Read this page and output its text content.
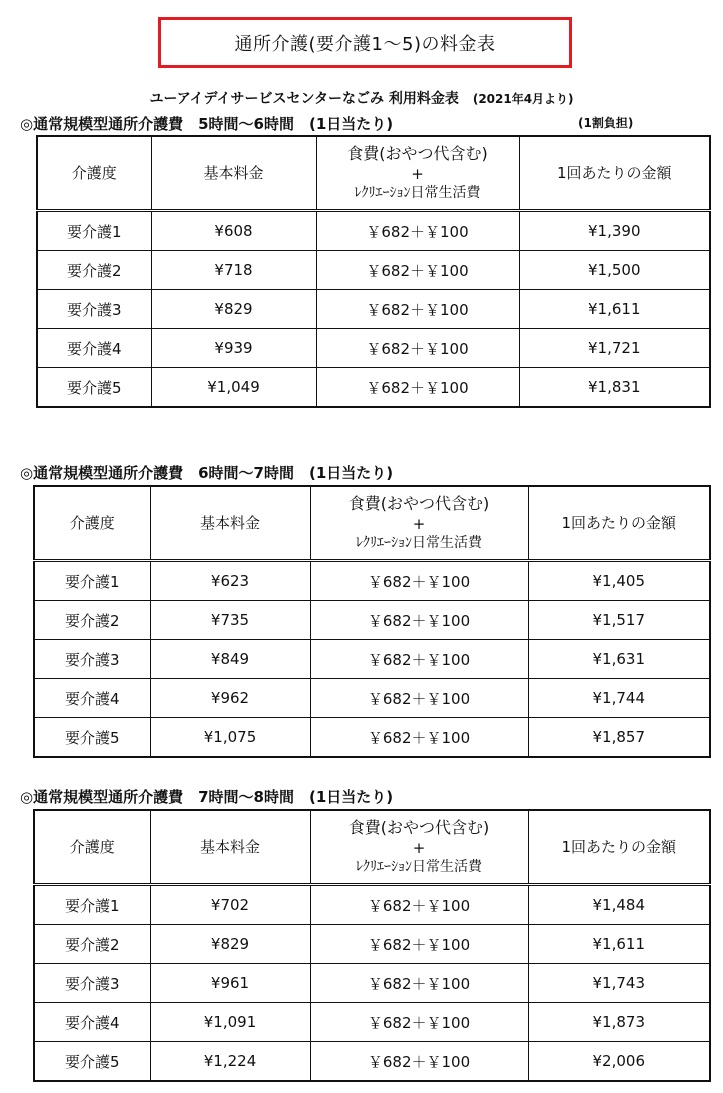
通所介護(要介護1～5)の料金表
ユーアイデイサービスセンターなごみ 利用料金表 (2021年4月より)
(1割負担)
◎通常規模型通所介護費　5時間～6時間　(1日当たり)
介護度	基本料金	食費(おやつ代含む)
+
ﾚｸﾘｴｰｼｮﾝ日常生活費	1回あたりの金額
要介護1	¥608	￥682＋￥100	¥1,390
要介護2	¥718	￥682＋￥100	¥1,500
要介護3	¥829	￥682＋￥100	¥1,611
要介護4	¥939	￥682＋￥100	¥1,721
要介護5	¥1,049	￥682＋￥100	¥1,831
◎通常規模型通所介護費　6時間～7時間　(1日当たり)
介護度	基本料金	食費(おやつ代含む)
+
ﾚｸﾘｴｰｼｮﾝ日常生活費	1回あたりの金額
要介護1	¥623	￥682＋￥100	¥1,405
要介護2	¥735	￥682＋￥100	¥1,517
要介護3	¥849	￥682＋￥100	¥1,631
要介護4	¥962	￥682＋￥100	¥1,744
要介護5	¥1,075	￥682＋￥100	¥1,857
◎通常規模型通所介護費　7時間～8時間　(1日当たり)
介護度	基本料金	食費(おやつ代含む)
+
ﾚｸﾘｴｰｼｮﾝ日常生活費	1回あたりの金額
要介護1	¥702	￥682＋￥100	¥1,484
要介護2	¥829	￥682＋￥100	¥1,611
要介護3	¥961	￥682＋￥100	¥1,743
要介護4	¥1,091	￥682＋￥100	¥1,873
要介護5	¥1,224	￥682＋￥100	¥2,006
